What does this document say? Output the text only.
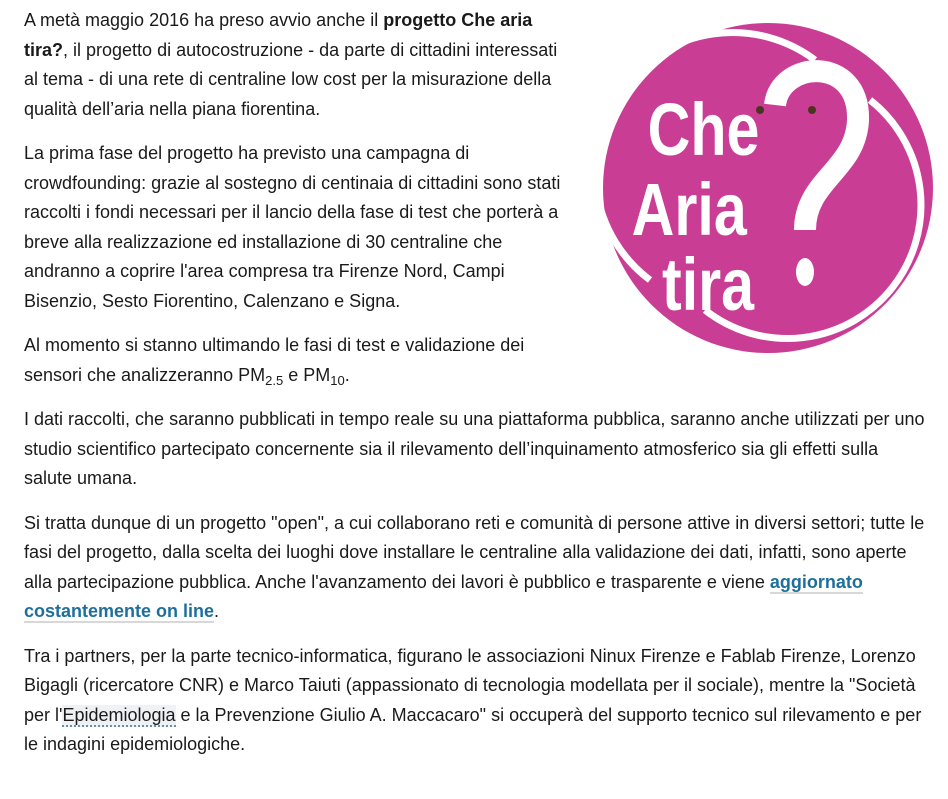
Che
Aria
tira

A metà maggio 2016 ha preso avvio anche il progetto Che aria tira?, il progetto di autocostruzione - da parte di cittadini interessati al tema - di una rete di centraline low cost per la misurazione della qualità dell’aria nella piana fiorentina.

La prima fase del progetto ha previsto una campagna di crowdfounding: grazie al sostegno di centinaia di cittadini sono stati raccolti i fondi necessari per il lancio della fase di test che porterà a breve alla realizzazione ed installazione di 30 centraline che andranno a coprire l'area compresa tra Firenze Nord, Campi Bisenzio, Sesto Fiorentino, Calenzano e Signa.

Al momento si stanno ultimando le fasi di test e validazione dei sensori che analizzeranno $PM_{2.5}$ e $PM_{10}$.

I dati raccolti, che saranno pubblicati in tempo reale su una piattaforma pubblica, saranno anche utilizzati per uno studio scientifico partecipato concernente sia il rilevamento dell’inquinamento atmosferico sia gli effetti sulla salute umana.

Si tratta dunque di un progetto "open", a cui collaborano reti e comunità di persone attive in diversi settori; tutte le fasi del progetto, dalla scelta dei luoghi dove installare le centraline alla validazione dei dati, infatti, sono aperte alla partecipazione pubblica. Anche l'avanzamento dei lavori è pubblico e trasparente e viene aggiornato costantemente on line.

Tra i partners, per la parte tecnico-informatica, figurano le associazioni Ninux Firenze e Fablab Firenze, Lorenzo Bigagli (ricercatore CNR) e Marco Taiuti (appassionato di tecnologia modellata per il sociale), mentre la "Società per l'Epidemiologia e la Prevenzione Giulio A. Maccacaro" si occuperà del supporto tecnico sul rilevamento e per le indagini epidemiologiche.
